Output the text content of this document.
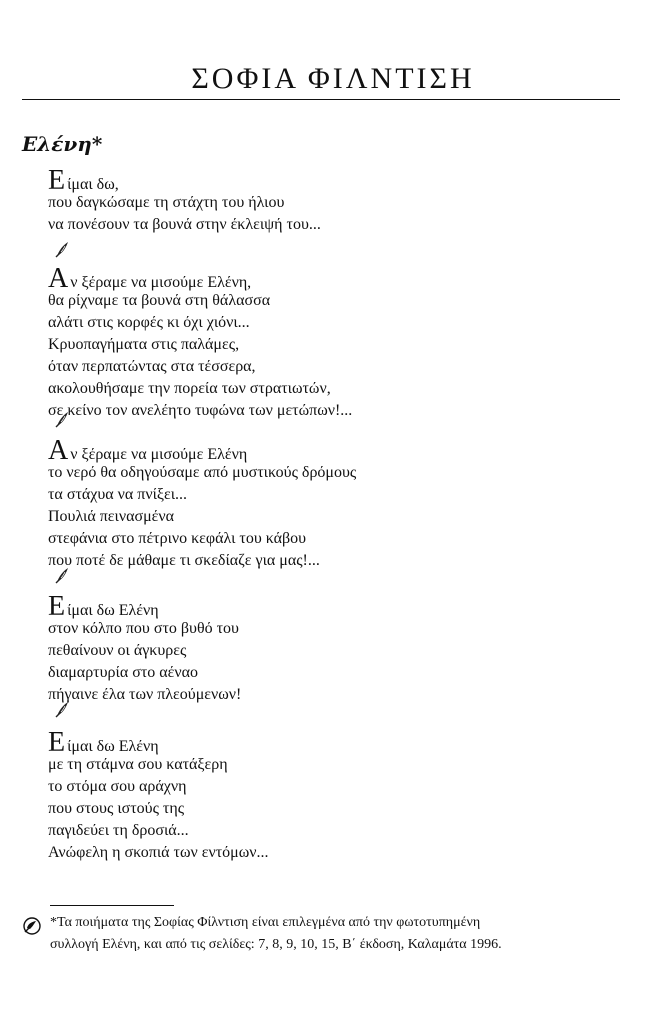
ΣΟΦΙΑ ΦΙΛΝΤΙΣΗ
Ελένη*
Είμαι δω,
που δαγκώσαμε τη στάχτη του ήλιου
να πονέσουν τα βουνά στην έκλειψή του...
Αν ξέραμε να μισούμε Ελένη,
θα ρίχναμε τα βουνά στη θάλασσα
αλάτι στις κορφές κι όχι χιόνι...
Κρυοπαγήματα στις παλάμες,
όταν περπατώντας στα τέσσερα,
ακολουθήσαμε την πορεία των στρατιωτών,
σε κείνο τον ανελέητο τυφώνα των μετώπων!...
Αν ξέραμε να μισούμε Ελένη
το νερό θα οδηγούσαμε από μυστικούς δρόμους
τα στάχυα να πνίξει...
Πουλιά πεινασμένα
στεφάνια στο πέτρινο κεφάλι του κάβου
που ποτέ δε μάθαμε τι σκεδίαζε για μας!...
Είμαι δω Ελένη
στον κόλπο που στο βυθό του
πεθαίνουν οι άγκυρες
διαμαρτυρία στο αέναο
πήγαινε έλα των πλεούμενων!
Είμαι δω Ελένη
με τη στάμνα σου κατάξερη
το στόμα σου αράχνη
που στους ιστούς της
παγιδεύει τη δροσιά...
Ανώφελη η σκοπιά των εντόμων...
*Τα ποιήματα της Σοφίας Φίλντιση είναι επιλεγμένα από την φωτοτυπημένη
συλλογή Ελένη, και από τις σελίδες: 7, 8, 9, 10, 15, Β΄ έκδοση, Καλαμάτα 1996.
